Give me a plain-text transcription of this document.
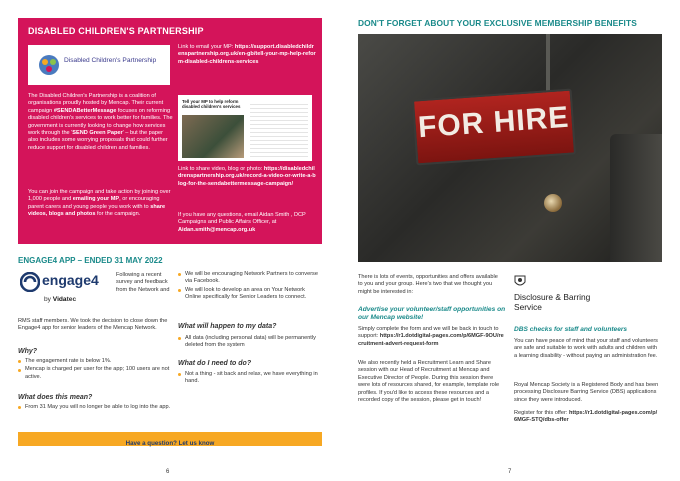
DISABLED CHILDREN'S PARTNERSHIP
Disabled Children's Partnership

The Disabled Children's Partnership is a coalition of organisations proudly hosted by Mencap. Their current campaign #SENDABetterMessage focuses on reforming disabled children's services to work better for families. The government is currently looking to change how services work through the 'SEND Green Paper' – but the paper also includes some worrying proposals that could further reduce support for disabled children and families.

You can join the campaign and take action by joining over 1,000 people and emailing your MP, or encouraging parent carers and young people you work with to share videos, blogs and photos for the campaign.

Link to email your MP: https://support.disabledchildrenspartnership.org.uk/en-gb/tell-your-mp-help-reform-disabled-childrens-services

Tell your MP to help reform disabled children's services

Link to share video, blog or photo: https://disabledchildrenspartnership.org.uk/record-a-video-or-write-a-blog-for-the-sendabettermessage-campaign/

If you have any questions, email Aidan Smith , DCP Campaigns and Public Affairs Officer, at Aidan.smith@mencap.org.uk

ENGAGE4 APP – ENDED 31 MAY 2022
engage4
by Vidatec
Following a recent survey and feedback from the Network and
RMS staff members. We took the decision to close down the Engage4 app for senior leaders of the Mencap Network.
Why?
The engagement rate is below 1%.
Mencap is charged per user for the app; 100 users are not active.
What does this mean?
From 31 May you will no longer be able to log into the app.
We will be encouraging Network Partners to converse via Facebook.
We will look to develop an area on Your Network Online specifically for Senior Leaders to connect.
What will happen to my data?
All data (including personal data) will be permanently deleted from the system
What do I need to do?
Not a thing - sit back and relax, we have everything in hand.
Have a question? Let us know
6
DON'T FORGET ABOUT YOUR EXCLUSIVE MEMBERSHIP BENEFITS
FOR HIRE
There is lots of events, opportunities and offers available to you and your group. Here's two that we thought you might be interested in:
Advertise your volunteer/staff opportunities on our Mencap website!

Simply complete the form and we will be back in touch to support: https://r1.dotdigital-pages.com/p/6MGF-9OU/recruitment-advert-request-form

We also recently held a Recruitment Learn and Share session with our Head of Recruitment at Mencap and Executive Director of People. During this session there were lots of resources shared, for example, template role profiles. If you'd like to access these resources and a recorded copy of the session, please get in touch!
Disclosure & Barring Service
DBS checks for staff and volunteers
You can have peace of mind that your staff and volunteers are safe and suitable to work with adults and children with a learning disability - without paying an administration fee.
Royal Mencap Society is a Registered Body and has been processing Disclosure Barring Service (DBS) applications since they were introduced.

Register for this offer: https://r1.dotdigital-pages.com/p/6MGF-STQ/dbs-offer

7
